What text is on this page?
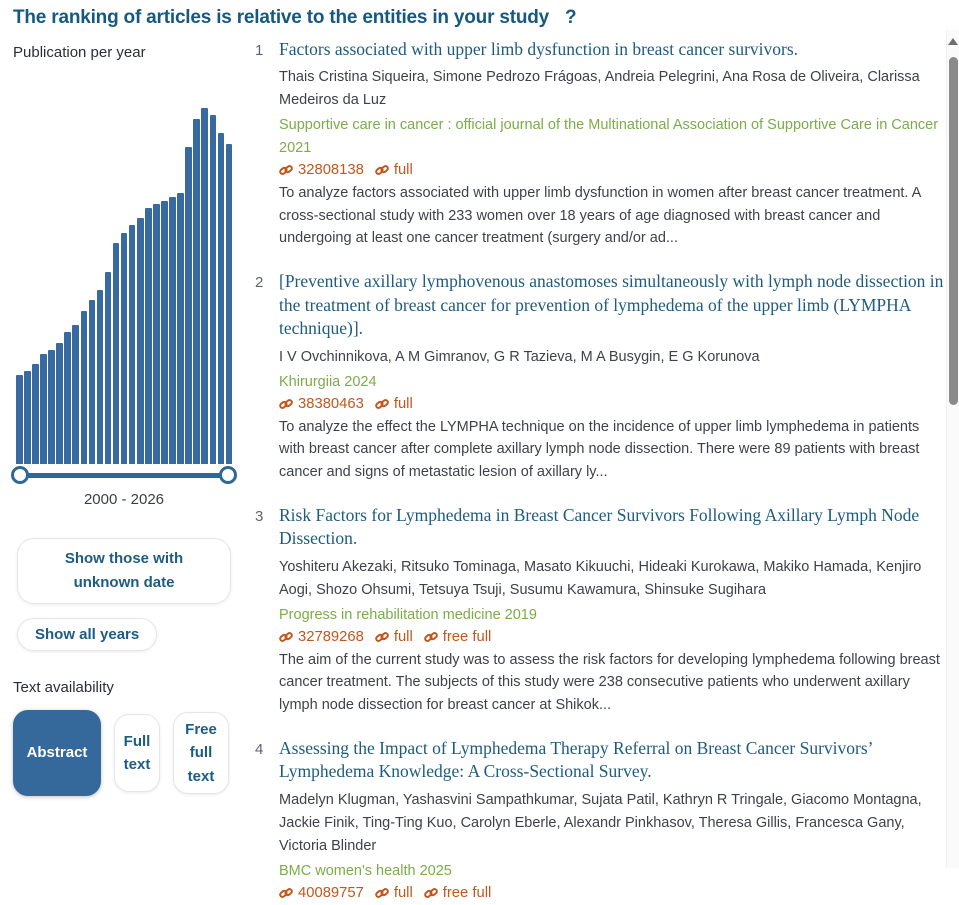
The ranking of articles is relative to the entities in your study ?
Publication per year
2000 - 2026
Show those with unknown date
Show all years
Text availability
Abstract
Full text
Free full text
1 Factors associated with upper limb dysfunction in breast cancer survivors.
Thais Cristina Siqueira, Simone Pedrozo Frágoas, Andreia Pelegrini, Ana Rosa de Oliveira, Clarissa Medeiros da Luz
Supportive care in cancer : official journal of the Multinational Association of Supportive Care in Cancer 2021
32808138 full
To analyze factors associated with upper limb dysfunction in women after breast cancer treatment. A cross-sectional study with 233 women over 18 years of age diagnosed with breast cancer and undergoing at least one cancer treatment (surgery and/or ad...
2 [Preventive axillary lymphovenous anastomoses simultaneously with lymph node dissection in the treatment of breast cancer for prevention of lymphedema of the upper limb (LYMPHA technique)].
I V Ovchinnikova, A M Gimranov, G R Tazieva, M A Busygin, E G Korunova
Khirurgiia 2024
38380463 full
To analyze the effect the LYMPHA technique on the incidence of upper limb lymphedema in patients with breast cancer after complete axillary lymph node dissection. There were 89 patients with breast cancer and signs of metastatic lesion of axillary ly...
3 Risk Factors for Lymphedema in Breast Cancer Survivors Following Axillary Lymph Node Dissection.
Yoshiteru Akezaki, Ritsuko Tominaga, Masato Kikuuchi, Hideaki Kurokawa, Makiko Hamada, Kenjiro Aogi, Shozo Ohsumi, Tetsuya Tsuji, Susumu Kawamura, Shinsuke Sugihara
Progress in rehabilitation medicine 2019
32789268 full free full
The aim of the current study was to assess the risk factors for developing lymphedema following breast cancer treatment. The subjects of this study were 238 consecutive patients who underwent axillary lymph node dissection for breast cancer at Shikok...
4 Assessing the Impact of Lymphedema Therapy Referral on Breast Cancer Survivors’ Lymphedema Knowledge: A Cross-Sectional Survey.
Madelyn Klugman, Yashasvini Sampathkumar, Sujata Patil, Kathryn R Tringale, Giacomo Montagna, Jackie Finik, Ting-Ting Kuo, Carolyn Eberle, Alexandr Pinkhasov, Theresa Gillis, Francesca Gany, Victoria Blinder
BMC women's health 2025
40089757 full free full
